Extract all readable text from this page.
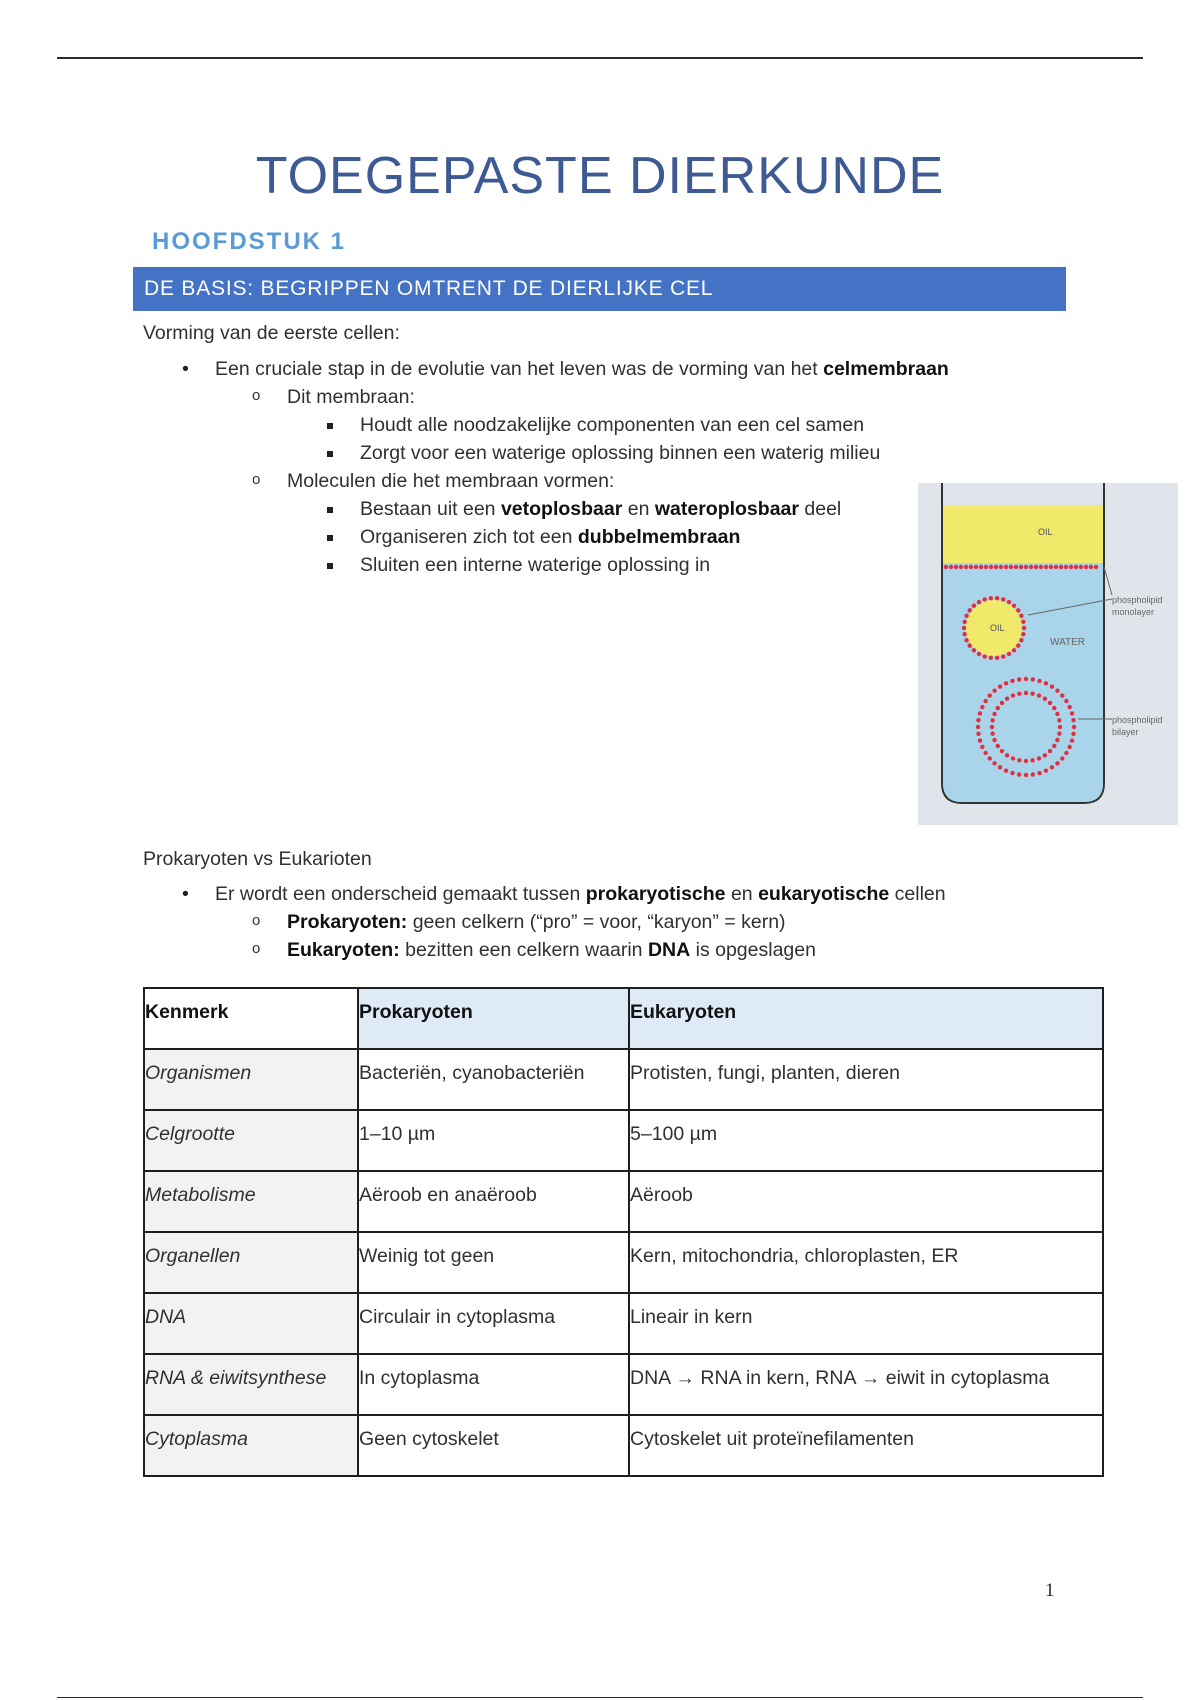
TOEGEPASTE DIERKUNDE
HOOFDSTUK 1
DE BASIS: BEGRIPPEN OMTRENT DE DIERLIJKE CEL
Vorming van de eerste cellen:
• Een cruciale stap in de evolutie van het leven was de vorming van het celmembraan
o Dit membraan:
Houdt alle noodzakelijke componenten van een cel samen
Zorgt voor een waterige oplossing binnen een waterig milieu
o Moleculen die het membraan vormen:
Bestaan uit een vetoplosbaar en wateroplosbaar deel
Organiseren zich tot een dubbelmembraan
Sluiten een interne waterige oplossing in
OIL
OIL
WATER
phospholipid monolayer
phospholipid bilayer
Prokaryoten vs Eukarioten
• Er wordt een onderscheid gemaakt tussen prokaryotische en eukaryotische cellen
o Prokaryoten: geen celkern (“pro” = voor, “karyon” = kern)
o Eukaryoten: bezitten een celkern waarin DNA is opgeslagen
Kenmerk	Prokaryoten	Eukaryoten
Organismen	Bacteriën, cyanobacteriën	Protisten, fungi, planten, dieren
Celgrootte	1–10 µm	5–100 µm
Metabolisme	Aëroob en anaëroob	Aëroob
Organellen	Weinig tot geen	Kern, mitochondria, chloroplasten, ER
DNA	Circulair in cytoplasma	Lineair in kern
RNA & eiwitsynthese	In cytoplasma	DNA → RNA in kern, RNA → eiwit in cytoplasma
Cytoplasma	Geen cytoskelet	Cytoskelet uit proteïnefilamenten
1
